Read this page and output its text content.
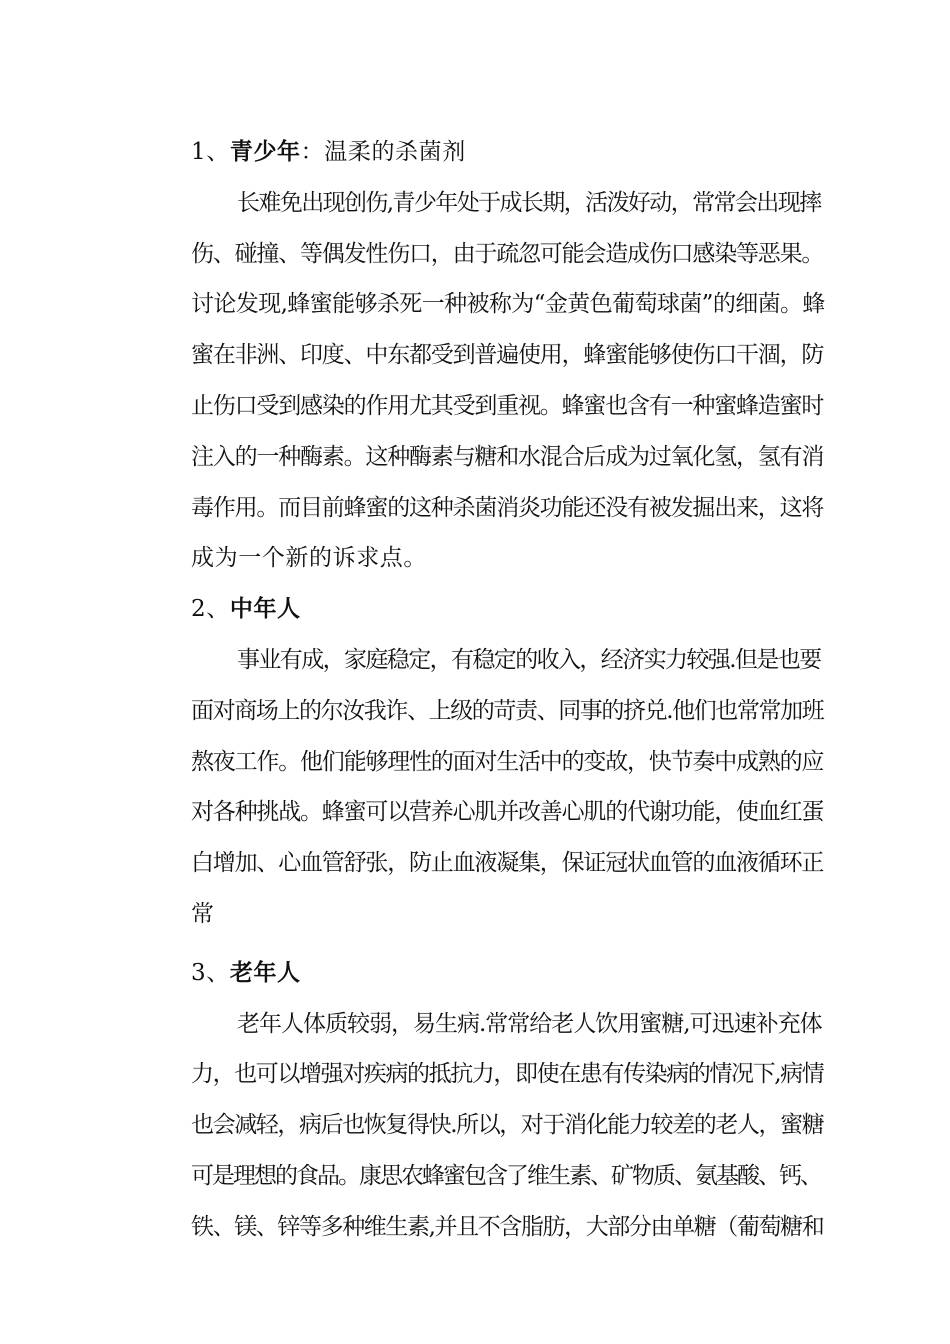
1、青少年：温柔的杀菌剂

长难免出现创伤,青少年处于成长期，活泼好动，常常会出现摔
伤、碰撞、等偶发性伤口，由于疏忽可能会造成伤口感染等恶果。
讨论发现,蜂蜜能够杀死一种被称为“金黄色葡萄球菌”的细菌。蜂
蜜在非洲、印度、中东都受到普遍使用，蜂蜜能够使伤口干涸，防
止伤口受到感染的作用尤其受到重视。蜂蜜也含有一种蜜蜂造蜜时
注入的一种酶素。这种酶素与糖和水混合后成为过氧化氢，氢有消
毒作用。而目前蜂蜜的这种杀菌消炎功能还没有被发掘出来，这将
成为一个新的诉求点。

2、中年人

事业有成，家庭稳定，有稳定的收入，经济实力较强.但是也要
面对商场上的尔汝我诈、上级的苛责、同事的挤兑.他们也常常加班
熬夜工作。他们能够理性的面对生活中的变故，快节奏中成熟的应
对各种挑战。蜂蜜可以营养心肌并改善心肌的代谢功能，使血红蛋
白增加、心血管舒张，防止血液凝集，保证冠状血管的血液循环正
常

3、老年人

老年人体质较弱，易生病.常常给老人饮用蜜糖,可迅速补充体
力，也可以增强对疾病的抵抗力，即使在患有传染病的情况下,病情
也会减轻，病后也恢复得快.所以，对于消化能力较差的老人，蜜糖
可是理想的食品。康思农蜂蜜包含了维生素、矿物质、氨基酸、钙、
铁、镁、锌等多种维生素,并且不含脂肪，大部分由单糖（葡萄糖和
